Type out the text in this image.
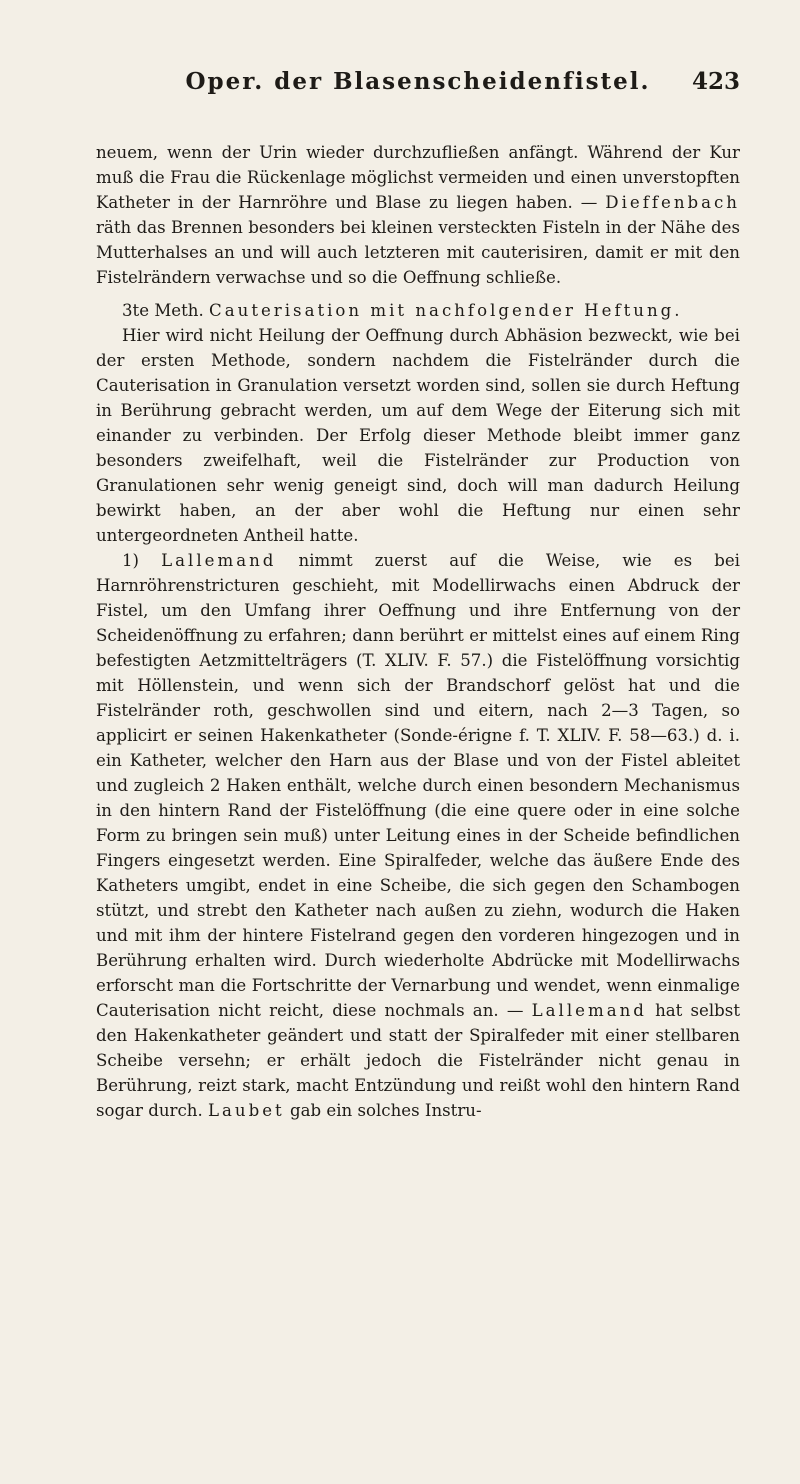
Oper. der Blasenscheidenfistel.	423

neuem, wenn der Urin wieder durchzufließen anfängt. Während der Kur muß die Frau die Rückenlage möglichst vermeiden und einen unverstopften Katheter in der Harnröhre und Blase zu liegen haben. — Dieffenbach räth das Brennen besonders bei kleinen versteckten Fisteln in der Nähe des Mutterhalses an und will auch letzteren mit cauterisiren, damit er mit den Fistelrändern verwachse und so die Oeffnung schließe.

3te Meth. Cauterisation mit nachfolgender Heftung.

Hier wird nicht Heilung der Oeffnung durch Abhäsion bezweckt, wie bei der ersten Methode, sondern nachdem die Fistelränder durch die Cauterisation in Granulation versetzt worden sind, sollen sie durch Heftung in Berührung gebracht werden, um auf dem Wege der Eiterung sich mit einander zu verbinden. Der Erfolg dieser Methode bleibt immer ganz besonders zweifelhaft, weil die Fistelränder zur Production von Granulationen sehr wenig geneigt sind, doch will man dadurch Heilung bewirkt haben, an der aber wohl die Heftung nur einen sehr untergeordneten Antheil hatte.

1) Lallemand nimmt zuerst auf die Weise, wie es bei Harnröhrenstricturen geschieht, mit Modellirwachs einen Abdruck der Fistel, um den Umfang ihrer Oeffnung und ihre Entfernung von der Scheidenöffnung zu erfahren; dann berührt er mittelst eines auf einem Ring befestigten Aetzmittelträgers (T. XLIV. F. 57.) die Fistelöffnung vorsichtig mit Höllenstein, und wenn sich der Brandschorf gelöst hat und die Fistelränder roth, geschwollen sind und eitern, nach 2—3 Tagen, so applicirt er seinen Hakenkatheter (Sonde-érigne f. T. XLIV. F. 58—63.) d. i. ein Katheter, welcher den Harn aus der Blase und von der Fistel ableitet und zugleich 2 Haken enthält, welche durch einen besondern Mechanismus in den hintern Rand der Fistelöffnung (die eine quere oder in eine solche Form zu bringen sein muß) unter Leitung eines in der Scheide befindlichen Fingers eingesetzt werden. Eine Spiralfeder, welche das äußere Ende des Katheters umgibt, endet in eine Scheibe, die sich gegen den Schambogen stützt, und strebt den Katheter nach außen zu ziehn, wodurch die Haken und mit ihm der hintere Fistelrand gegen den vorderen hingezogen und in Berührung erhalten wird. Durch wiederholte Abdrücke mit Modellirwachs erforscht man die Fortschritte der Vernarbung und wendet, wenn einmalige Cauterisation nicht reicht, diese nochmals an. — Lallemand hat selbst den Hakenkatheter geändert und statt der Spiralfeder mit einer stellbaren Scheibe versehn; er erhält jedoch die Fistelränder nicht genau in Berührung, reizt stark, macht Entzündung und reißt wohl den hintern Rand sogar durch. Laubet gab ein solches Instru-
